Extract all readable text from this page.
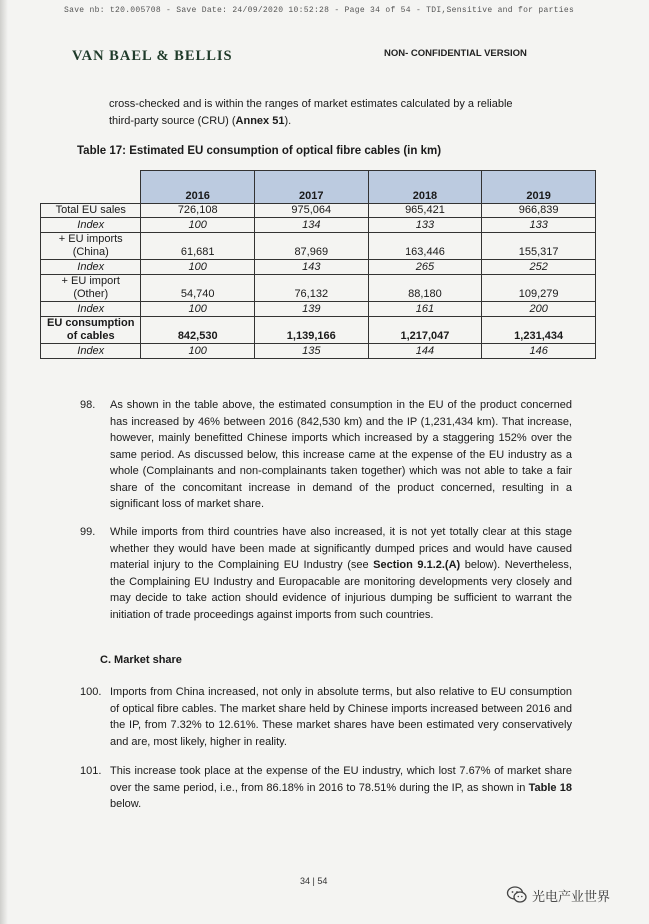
Save nb: t20.005708 - Save Date: 24/09/2020 10:52:28 - Page 34 of 54 - TDI,Sensitive and for parties
VAN BAEL & BELLIS	NON- CONFIDENTIAL VERSION
cross-checked and is within the ranges of market estimates calculated by a reliable
third-party source (CRU) (Annex 51).
Table 17: Estimated EU consumption of optical fibre cables (in km)
	2016	2017	2018	2019
Total EU sales	726,108	975,064	965,421	966,839
Index	100	134	133	133
+ EU imports (China)	61,681	87,969	163,446	155,317
Index	100	143	265	252
+ EU import (Other)	54,740	76,132	88,180	109,279
Index	100	139	161	200
EU consumption of cables	842,530	1,139,166	1,217,047	1,231,434
Index	100	135	144	146
98.	As shown in the table above, the estimated consumption in the EU of the product concerned has increased by 46% between 2016 (842,530 km) and the IP (1,231,434 km). That increase, however, mainly benefitted Chinese imports which increased by a staggering 152% over the same period. As discussed below, this increase came at the expense of the EU industry as a whole (Complainants and non-complainants taken together) which was not able to take a fair share of the concomitant increase in demand of the product concerned, resulting in a significant loss of market share.
99.	While imports from third countries have also increased, it is not yet totally clear at this stage whether they would have been made at significantly dumped prices and would have caused material injury to the Complaining EU Industry (see Section 9.1.2.(A) below). Nevertheless, the Complaining EU Industry and Europacable are monitoring developments very closely and may decide to take action should evidence of injurious dumping be sufficient to warrant the initiation of trade proceedings against imports from such countries.
C. Market share
100. Imports from China increased, not only in absolute terms, but also relative to EU consumption of optical fibre cables. The market share held by Chinese imports increased between 2016 and the IP, from 7.32% to 12.61%. These market shares have been estimated very conservatively and are, most likely, higher in reality.
101. This increase took place at the expense of the EU industry, which lost 7.67% of market share over the same period, i.e., from 86.18% in 2016 to 78.51% during the IP, as shown in Table 18 below.
34 | 54
光电产业世界
